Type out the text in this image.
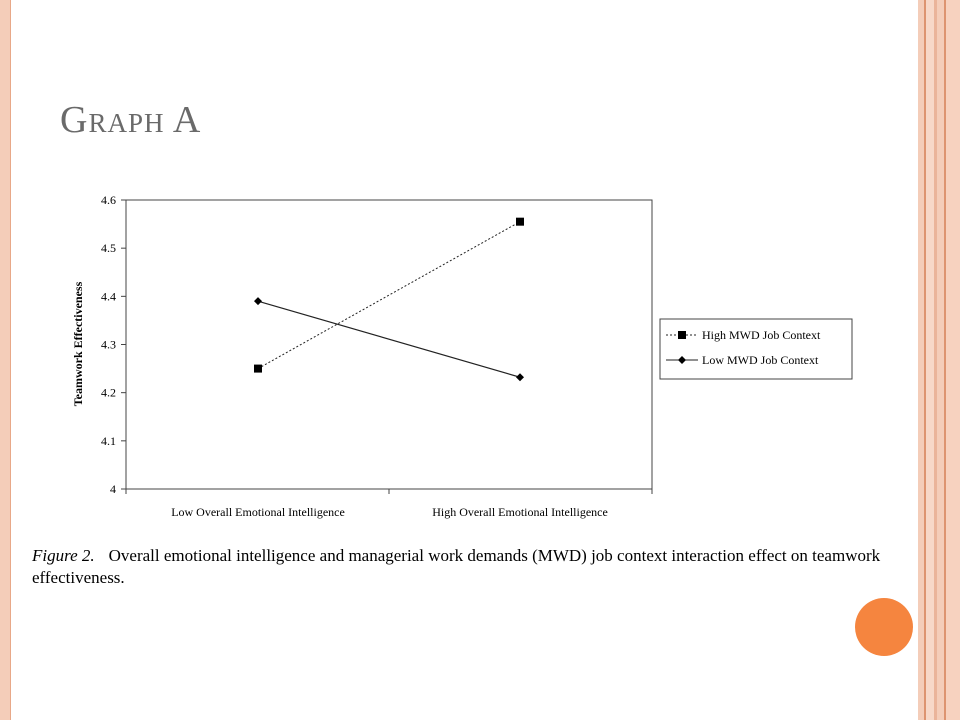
Graph A
4
4.1
4.2
4.3
4.4
4.5
4.6
Low Overall Emotional Intelligence	High Overall Emotional Intelligence
Teamwork Effectiveness	High MWD Job Context
Low MWD Job Context

Figure 2. Overall emotional intelligence and managerial work demands (MWD) job context interaction effect on teamwork effectiveness.
